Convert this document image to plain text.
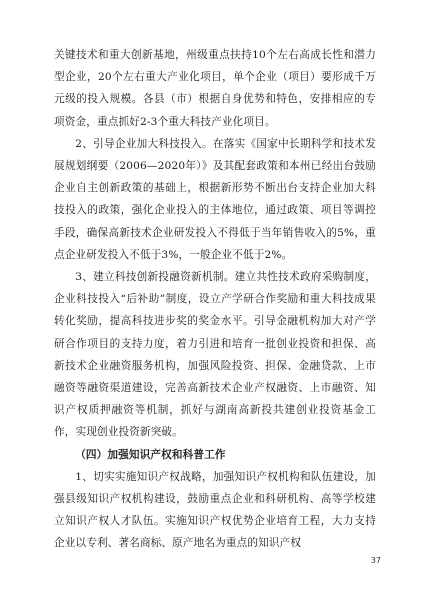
关键技术和重大创新基地，州级重点扶持10个左右高成长性和潜力型企业，20个左右重大产业化项目，单个企业（项目）要形成千万元级的投入规模。各县（市）根据自身优势和特色，安排相应的专项资金，重点抓好2-3个重大科技产业化项目。

2、引导企业加大科技投入。在落实《国家中长期科学和技术发展规划纲要（2006—2020年）》及其配套政策和本州已经出台鼓励企业自主创新政策的基础上，根据新形势不断出台支持企业加大科技投入的政策，强化企业投入的主体地位，通过政策、项目等调控手段，确保高新技术企业研发投入不得低于当年销售收入的5%，重点企业研发投入不低于3%，一般企业不低于2%。

3、建立科技创新投融资新机制。建立共性技术政府采购制度，企业科技投入“后补助”制度，设立产学研合作奖励和重大科技成果转化奖励，提高科技进步奖的奖金水平。引导金融机构加大对产学研合作项目的支持力度，着力引进和培育一批创业投资和担保、高新技术企业融资服务机构，加强风险投资、担保、金融贷款、上市融资等融资渠道建设，完善高新技术企业产权融资、上市融资、知识产权质押融资等机制，抓好与湖南高新投共建创业投资基金工作，实现创业投资新突破。

（四）加强知识产权和科普工作

1、切实实施知识产权战略，加强知识产权机构和队伍建设，加强县级知识产权机构建设，鼓励重点企业和科研机构、高等学校建立知识产权人才队伍。实施知识产权优势企业培育工程，大力支持企业以专利、著名商标、原产地名为重点的知识产权

37
